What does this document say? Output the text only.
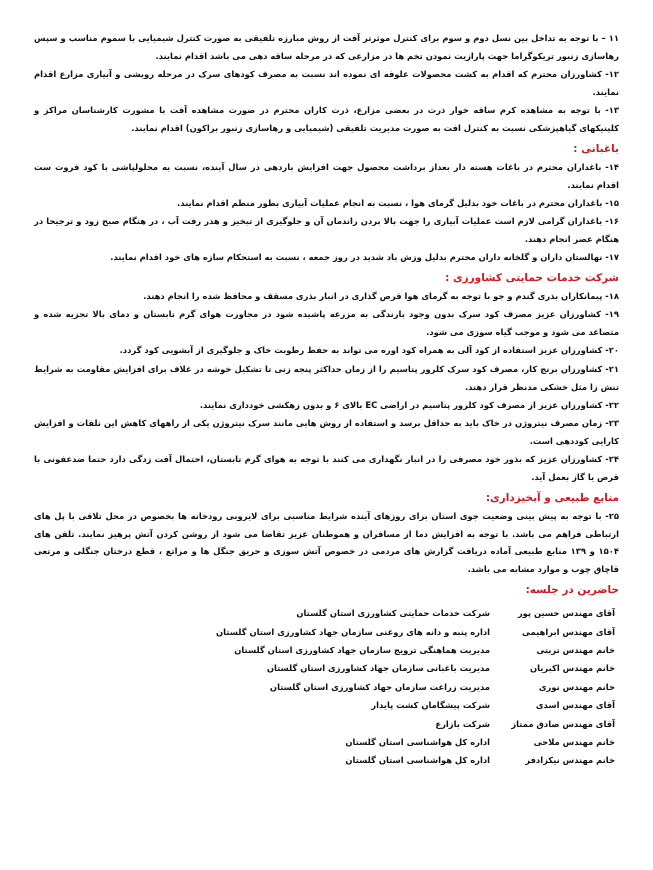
۱۱ – با توجه به تداخل بین نسل دوم و سوم برای کنترل موثرتر آفت از روش مبارزه تلفیقی به صورت کنترل شیمیایی با سموم مناسب و سپس رهاسازی زنبور تریکوگراما جهت پارازیت نمودن تخم ها در مزارعی که در مرحله ساقه دهی می باشد اقدام نمایند.

۱۲- کشاورزان محترم که اقدام به کشت محصولات علوفه ای نموده اند نسبت به مصرف کودهای سرک در مرحله رویشی و آبیاری مزارع اقدام نمایند.

۱۳- با توجه به مشاهده کرم ساقه خوار ذرت در بعضی مزارع، ذرت کاران محترم در صورت مشاهده آفت با مشورت کارشناسان مراکز و کلینیکهای گیاهپزشکی نسبت به کنترل افت به صورت مدیریت تلفیقی (شیمیایی و رهاسازی زنبور براکون) اقدام نمایند.

باغبانی :

۱۴- باغداران محترم در باغات هسته دار بعداز برداشت محصول جهت افزایش باردهی در سال آینده، نسبت به محلولپاشی با کود فروت ست اقدام نمایند.

۱۵- باغداران محترم در باغات خود بدلیل گرمای هوا ، نسبت به انجام عملیات آبیاری بطور منظم اقدام نمایند.

۱۶- باغداران گرامی لازم است عملیات آبیاری را جهت بالا بردن راندمان آن و جلوگیری از تبخیر و هدر رفت آب ، در هنگام صبح زود و ترجیحا در هنگام عصر انجام دهند.

۱۷- نهالستان داران و گلخانه داران محترم بدلیل وزش باد شدید در روز جمعه ، نسبت به استحکام سازه های خود اقدام نمایند.

شرکت خدمات حمایتی کشاورزی :

۱۸- پیمانکاران بذری گندم و جو با توجه به گرمای هوا قرص گذاری در انبار بذری مسقف و محافظ شده را انجام دهند.

۱۹- کشاورزان عزیز مصرف کود سرک بدون وجود بارندگی به مزرعه پاشیده شود در مجاورت هوای گرم تابستان و دمای بالا تجزیه شده و متصاعد می شود و موجب گیاه سوزی می شود.

۲۰- کشاورزان عزیز استفاده از کود آلی به همراه کود اوره می تواند به حفظ رطوبت خاک و جلوگیری از آبشویی کود گردد.

۲۱- کشاورزان برنج کار، مصرف کود سرک کلرور پتاسیم را از زمان حداکثر پنجه زنی تا تشکیل خوشه در غلاف برای افزایش مقاومت به شرایط تنش زا مثل خشکی مدنظر قرار دهند.

۲۲- کشاورزان عزیز از مصرف کود کلرور پتاسیم در اراضی EC بالای ۶ و بدون زهکشی خودداری نمایند.

۲۳- زمان مصرف نیتروژن در خاک باید به حداقل برسد و استفاده از روش هایی مانند سرک نیتروژن یکی از راههای کاهش این تلفات و افزایش کارایی کوددهی است.

۲۴- کشاورزان عزیز که بذور خود مصرفی را در انبار نگهداری می کنند با توجه به هوای گرم تابستان، احتمال آفت زدگی دارد حتما ضدعفونی با قرص یا گاز بعمل آید.

منابع طبیعی و آبخیزداری:

۲۵- با توجه به پیش بینی وضعیت جوی استان برای روزهای آینده شرایط مناسبی برای لایروبی رودخانه ها بخصوص در محل تلاقی با پل های ارتباطی فراهم می باشد. با توجه به افزایش دما از مسافران و هموطنان عزیز تقاضا می شود از روشن کردن آتش پرهیز نمایند. تلفن های ۱۵۰۴ و ۱۳۹ منابع طبیعی آماده دریافت گزارش های مردمی در خصوص آتش سوزی و حریق جنگل ها و مراتع ، قطع درختان جنگلی و مرتعی قاچاق چوب و موارد مشابه می باشد.

حاضرین در جلسه:
آقای مهندس حسین پور
شرکت خدمات حمایتی کشاورزی استان گلستان
آقای مهندس ابراهیمی
اداره پنبه و دانه های روغنی سازمان جهاد کشاورزی استان گلستان
خانم مهندس تربتی
مدیریت هماهنگی ترویج سازمان جهاد کشاورزی استان گلستان
خانم مهندس اکبریان
مدیریت باغبانی سازمان جهاد کشاورزی استان گلستان
خانم مهندس نوری
مدیریت زراعت سازمان جهاد کشاورزی استان گلستان
آقای مهندس اسدی
شرکت پیشگامان کشت پایدار
آقای مهندس صادق ممتاز
شرکت بازارع
خانم مهندس ملاحی
اداره کل هواشناسی استان گلستان
خانم مهندس نیکزادفر
اداره کل هواشناسی استان گلستان
